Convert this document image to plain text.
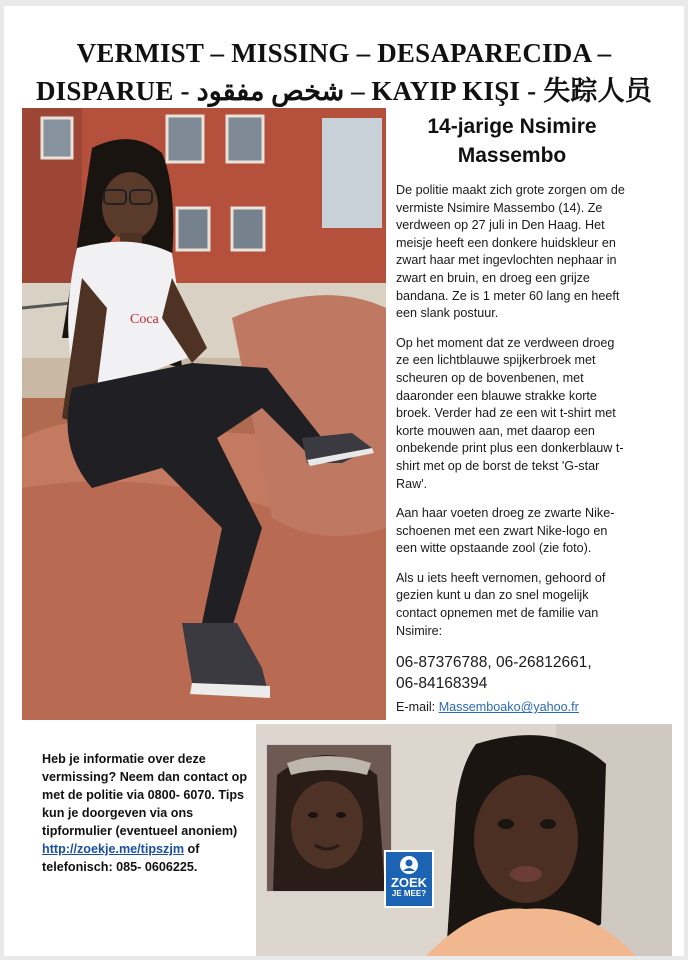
VERMIST – MISSING – DESAPARECIDA –
DISPARUE - شخص مفقود – KAYIP KIŞI - 失踪人员
Coca
14-jarige Nsimire
Massembo

De politie maakt zich grote zorgen om de vermiste Nsimire Massembo (14). Ze verdween op 27 juli in Den Haag. Het meisje heeft een donkere huidskleur en zwart haar met ingevlochten nephaar in zwart en bruin, en droeg een grijze bandana. Ze is 1 meter 60 lang en heeft een slank postuur.

Op het moment dat ze verdween droeg ze een lichtblauwe spijkerbroek met scheuren op de bovenbenen, met daaronder een blauwe strakke korte broek. Verder had ze een wit t-shirt met korte mouwen aan, met daarop een onbekende print plus een donkerblauw t-shirt met op de borst de tekst 'G-star Raw'.

Aan haar voeten droeg ze zwarte Nike-schoenen met een zwart Nike-logo en een witte opstaande zool (zie foto).

Als u iets heeft vernomen, gehoord of gezien kunt u dan zo snel mogelijk contact opnemen met de familie van Nsimire:

06-87376788, 06-26812661,
06-84168394

E-mail: Massemboako@yahoo.fr
Heb je informatie over deze vermissing? Neem dan contact op met de politie via 0800- 6070. Tips kun je doorgeven via ons tipformulier (eventueel anoniem) http://zoekje.me/tipszjm of telefonisch: 085- 0606225.
ZOEK
JE MEE?
